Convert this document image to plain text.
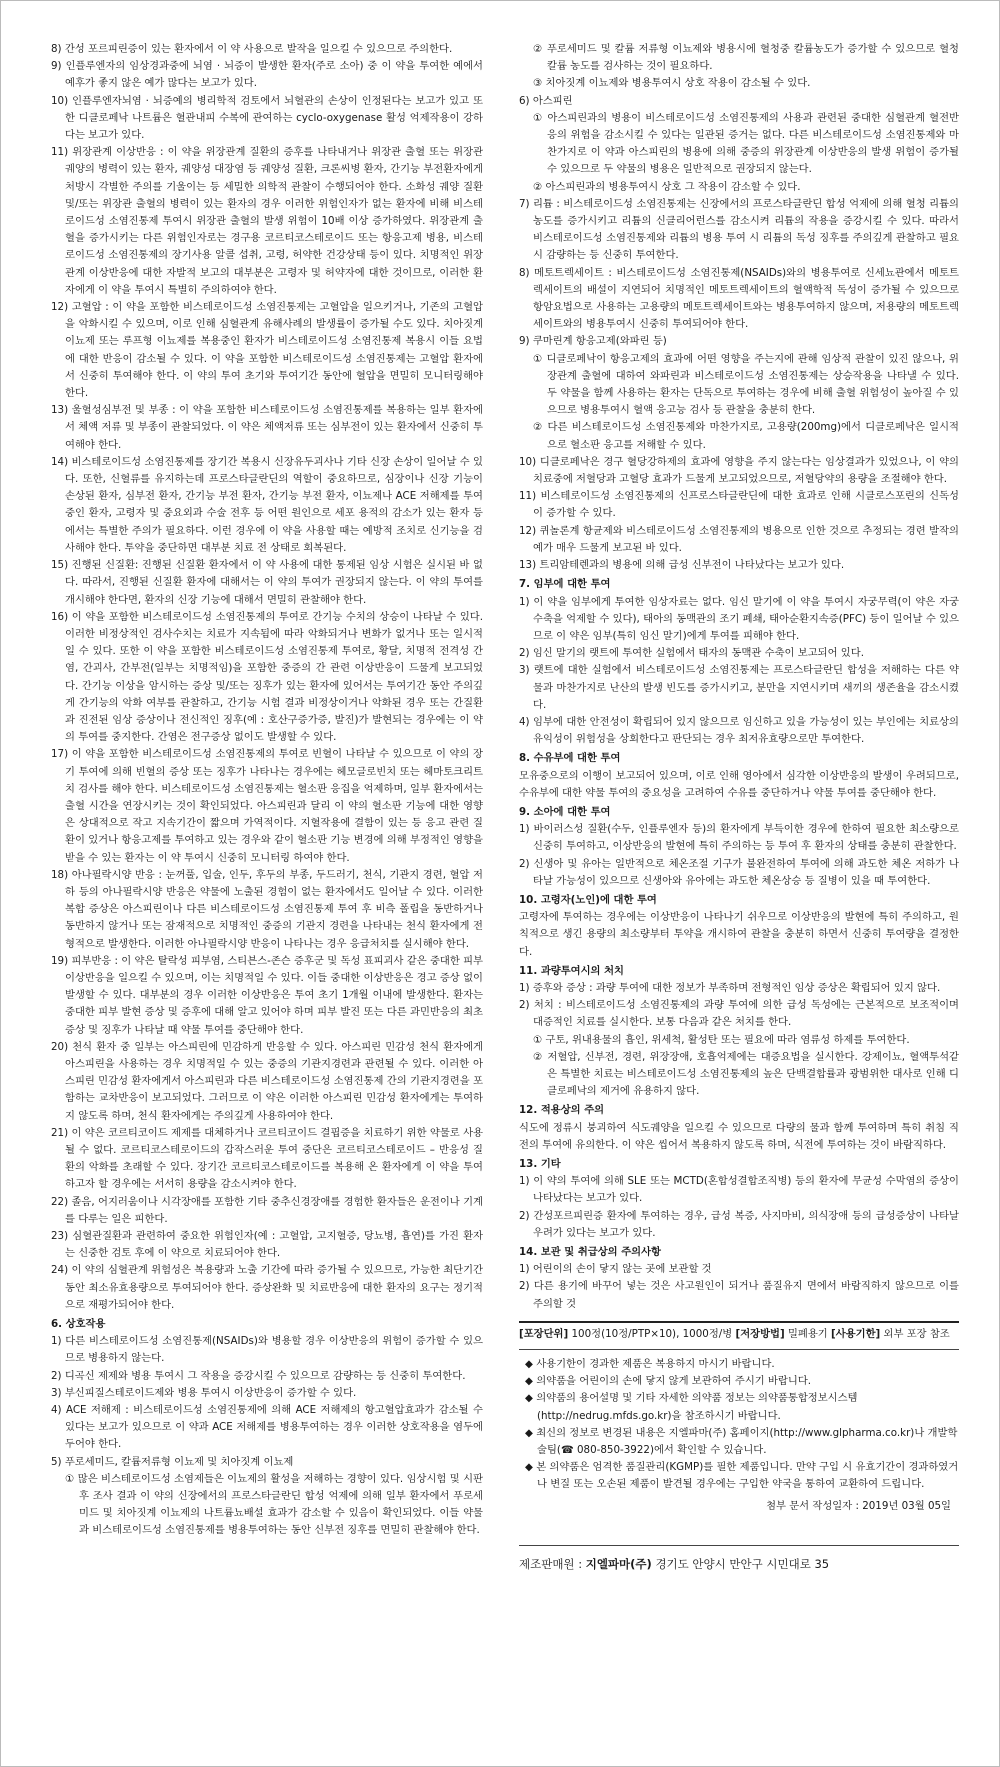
8) 간성 포르피린증이 있는 환자에서 이 약 사용으로 발작을 일으킬 수 있으므로 주의한다.

9) 인플루엔자의 임상경과중에 뇌염 · 뇌증이 발생한 환자(주로 소아) 중 이 약을 투여한 예에서 예후가 좋지 않은 예가 많다는 보고가 있다.

10) 인플루엔자뇌염 · 뇌증예의 병리학적 검토에서 뇌혈관의 손상이 인정된다는 보고가 있고 또한 디클로페낙 나트륨은 혈관내피 수복에 관여하는 cyclo-oxygenase 활성 억제작용이 강하다는 보고가 있다.

11) 위장관계 이상반응 : 이 약을 위장관계 질환의 증후를 나타내거나 위장관 출혈 또는 위장관 궤양의 병력이 있는 환자, 궤양성 대장염 등 궤양성 질환, 크론씨병 환자, 간기능 부전환자에게 처방시 각별한 주의를 기울이는 등 세밀한 의학적 관찰이 수행되어야 한다. 소화성 궤양 질환 및/또는 위장관 출혈의 병력이 있는 환자의 경우 이러한 위험인자가 없는 환자에 비해 비스테로이드성 소염진통제 투여시 위장관 출혈의 발생 위험이 10배 이상 증가하였다. 위장관계 출혈을 증가시키는 다른 위험인자로는 경구용 코르티코스테로이드 또는 항응고제 병용, 비스테로이드성 소염진통제의 장기사용 알콜 섭취, 고령, 허약한 건강상태 등이 있다. 치명적인 위장관계 이상반응에 대한 자발적 보고의 대부분은 고령자 및 허약자에 대한 것이므로, 이러한 환자에게 이 약을 투여시 특별히 주의하여야 한다.

12) 고혈압 : 이 약을 포함한 비스테로이드성 소염진통제는 고혈압을 일으키거나, 기존의 고혈압을 악화시킬 수 있으며, 이로 인해 심혈관계 유해사례의 발생률이 증가될 수도 있다. 치아짓계 이뇨제 또는 루프형 이뇨제를 복용중인 환자가 비스테로이드성 소염진통제 복용시 이들 요법에 대한 반응이 감소될 수 있다. 이 약을 포함한 비스테로이드성 소염진통제는 고혈압 환자에서 신중히 투여해야 한다. 이 약의 투여 초기와 투여기간 동안에 혈압을 면밀히 모니터링해야 한다.

13) 울혈성심부전 및 부종 : 이 약을 포함한 비스테로이드성 소염진통제를 복용하는 일부 환자에서 체액 저류 및 부종이 관찰되었다. 이 약은 체액저류 또는 심부전이 있는 환자에서 신중히 투여해야 한다.

14) 비스테로이드성 소염진통제를 장기간 복용시 신장유두괴사나 기타 신장 손상이 일어날 수 있다. 또한, 신혈류를 유지하는데 프로스타글란딘의 역할이 중요하므로, 심장이나 신장 기능이 손상된 환자, 심부전 환자, 간기능 부전 환자, 간기능 부전 환자, 이뇨제나 ACE 저해제를 투여 중인 환자, 고령자 및 중요외과 수술 전후 등 어떤 원인으로 세포 용적의 감소가 있는 환자 등에서는 특별한 주의가 필요하다. 이런 경우에 이 약을 사용할 때는 예방적 조치로 신기능을 검사해야 한다. 투약을 중단하면 대부분 치료 전 상태로 회복된다.

15) 진행된 신질환: 진행된 신질환 환자에서 이 약 사용에 대한 통제된 임상 시험은 실시된 바 없다. 따라서, 진행된 신질환 환자에 대해서는 이 약의 투여가 권장되지 않는다. 이 약의 투여를 개시해야 한다면, 환자의 신장 기능에 대해서 면밀히 관찰해야 한다.

16) 이 약을 포함한 비스테로이드성 소염진통제의 투여로 간기능 수치의 상승이 나타날 수 있다. 이러한 비정상적인 검사수치는 치료가 지속됨에 따라 악화되거나 변화가 없거나 또는 일시적일 수 있다. 또한 이 약을 포함한 비스테로이드성 소염진통제 투여로, 황달, 치명적 전격성 간염, 간괴사, 간부전(일부는 치명적임)을 포함한 중증의 간 관련 이상반응이 드물게 보고되었다. 간기능 이상을 암시하는 증상 및/또는 징후가 있는 환자에 있어서는 투여기간 동안 주의깊게 간기능의 악화 여부를 관찰하고, 간기능 시험 결과 비정상이거나 악화된 경우 또는 간질환과 진전된 임상 증상이나 전신적인 징후(예 : 호산구증가증, 발진)가 발현되는 경우에는 이 약의 투여를 중지한다. 간염은 전구증상 없이도 발생할 수 있다.

17) 이 약을 포함한 비스테로이드성 소염진통제의 투여로 빈혈이 나타날 수 있으므로 이 약의 장기 투여에 의해 빈혈의 증상 또는 징후가 나타나는 경우에는 헤모글로빈치 또는 헤마토크리트치 검사를 해야 한다. 비스테로이드성 소염진통제는 혈소판 응집을 억제하며, 일부 환자에서는 출혈 시간을 연장시키는 것이 확인되었다. 아스피린과 달리 이 약의 혈소판 기능에 대한 영향은 상대적으로 작고 지속기간이 짧으며 가역적이다. 지혈작용에 결함이 있는 등 응고 관련 질환이 있거나 항응고제를 투여하고 있는 경우와 같이 혈소판 기능 변경에 의해 부정적인 영향을 받을 수 있는 환자는 이 약 투여시 신중히 모니터링 하여야 한다.

18) 아나필락시양 반응 : 눈꺼풀, 입술, 인두, 후두의 부종, 두드러기, 천식, 기관지 경련, 혈압 저하 등의 아나필락시양 반응은 약물에 노출된 경험이 없는 환자에서도 일어날 수 있다. 이러한 복합 증상은 아스피린이나 다른 비스테로이드성 소염진통제 투여 후 비측 폴립을 동반하거나 동반하지 않거나 또는 잠재적으로 치명적인 중증의 기관지 경련을 나타내는 천식 환자에게 전형적으로 발생한다. 이러한 아나필락시양 반응이 나타나는 경우 응급처치를 실시해야 한다.

19) 피부반응 : 이 약은 탈락성 피부염, 스티븐스-존슨 증후군 및 독성 표피괴사 같은 중대한 피부 이상반응을 일으킬 수 있으며, 이는 치명적일 수 있다. 이들 중대한 이상반응은 경고 증상 없이 발생할 수 있다. 대부분의 경우 이러한 이상반응은 투여 초기 1개월 이내에 발생한다. 환자는 중대한 피부 발현 증상 및 증후에 대해 알고 있어야 하며 피부 발진 또는 다른 과민반응의 최초 증상 및 징후가 나타날 때 약물 투여를 중단해야 한다.

20) 천식 환자 중 일부는 아스피린에 민감하게 반응할 수 있다. 아스피린 민감성 천식 환자에게 아스피린을 사용하는 경우 치명적일 수 있는 중증의 기관지경련과 관련될 수 있다. 이러한 아스피린 민감성 환자에게서 아스피린과 다른 비스테로이드성 소염진통제 간의 기관지경련을 포함하는 교차반응이 보고되었다. 그러므로 이 약은 이러한 아스피린 민감성 환자에게는 투여하지 않도록 하며, 천식 환자에게는 주의깊게 사용하여야 한다.

21) 이 약은 코르티코이드 제제를 대체하거나 코르티코이드 결핍증을 치료하기 위한 약물로 사용될 수 없다. 코르티코스테로이드의 갑작스러운 투여 중단은 코르티코스테로이드 – 반응성 질환의 악화를 초래할 수 있다. 장기간 코르티코스테로이드를 복용해 온 환자에게 이 약을 투여하고자 할 경우에는 서서히 용량을 감소시켜야 한다.

22) 졸음, 어지러움이나 시각장애를 포함한 기타 중추신경장애를 경험한 환자들은 운전이나 기계를 다루는 일은 피한다.

23) 심혈관질환과 관련하여 중요한 위험인자(예 : 고혈압, 고지혈증, 당뇨병, 흡연)를 가진 환자는 신중한 검토 후에 이 약으로 치료되어야 한다.

24) 이 약의 심혈관계 위험성은 복용량과 노출 기간에 따라 증가될 수 있으므로, 가능한 최단기간동안 최소유효용량으로 투여되어야 한다. 증상완화 및 치료반응에 대한 환자의 요구는 정기적으로 재평가되어야 한다.

6. 상호작용

1) 다른 비스테로이드성 소염진통제(NSAIDs)와 병용할 경우 이상반응의 위험이 증가할 수 있으므로 병용하지 않는다.

2) 디곡신 제제와 병용 투여시 그 작용을 증강시킬 수 있으므로 감량하는 등 신중히 투여한다.

3) 부신피질스테로이드제와 병용 투여시 이상반응이 증가할 수 있다.

4) ACE 저해제 : 비스테로이드성 소염진통제에 의해 ACE 저해제의 항고혈압효과가 감소될 수 있다는 보고가 있으므로 이 약과 ACE 저해제를 병용투여하는 경우 이러한 상호작용을 염두에 두어야 한다.

5) 푸로세미드, 칼륨저류형 이뇨제 및 치아짓계 이뇨제

① 많은 비스테로이드성 소염제들은 이뇨제의 활성을 저해하는 경향이 있다. 임상시험 및 시판후 조사 결과 이 약의 신장에서의 프로스타글란딘 합성 억제에 의해 일부 환자에서 푸로세미드 및 치아짓계 이뇨제의 나트륨뇨배설 효과가 감소할 수 있음이 확인되었다. 이들 약물과 비스테로이드성 소염진통제를 병용투여하는 동안 신부전 징후를 면밀히 관찰해야 한다.

② 푸로세미드 및 칼륨 저류형 이뇨제와 병용시에 혈청중 칼륨농도가 증가할 수 있으므로 혈청 칼륨 농도를 검사하는 것이 필요하다.

③ 치아짓계 이뇨제와 병용투여시 상호 작용이 감소될 수 있다.

6) 아스피린

① 아스피린과의 병용이 비스테로이드성 소염진통제의 사용과 관련된 중대한 심혈관계 혈전반응의 위험을 감소시킬 수 있다는 일관된 증거는 없다. 다른 비스테로이드성 소염진통제와 마찬가지로 이 약과 아스피린의 병용에 의해 중증의 위장관계 이상반응의 발생 위험이 증가될 수 있으므로 두 약물의 병용은 일반적으로 권장되지 않는다.

② 아스피린과의 병용투여시 상호 그 작용이 감소할 수 있다.

7) 리튬 : 비스테로이드성 소염진통제는 신장에서의 프로스타글란딘 합성 억제에 의해 혈청 리튬의 농도를 증가시키고 리튬의 신클리어런스를 감소시켜 리튬의 작용을 증강시킬 수 있다. 따라서 비스테로이드성 소염진통제와 리튬의 병용 투여 시 리튬의 독성 징후를 주의깊게 관찰하고 필요시 감량하는 등 신중히 투여한다.

8) 메토트렉세이트 : 비스테로이드성 소염진통제(NSAIDs)와의 병용투여로 신세뇨관에서 메토트렉세이트의 배설이 지연되어 치명적인 메토트렉세이트의 혈액학적 독성이 증가될 수 있으므로 항암요법으로 사용하는 고용량의 메토트렉세이트와는 병용투여하지 않으며, 저용량의 메토트렉세이트와의 병용투여시 신중히 투여되어야 한다.

9) 쿠마린계 항응고제(와파린 등)

① 디클로페낙이 항응고제의 효과에 어떤 영향을 주는지에 관해 임상적 관찰이 있진 않으나, 위장관계 출혈에 대하여 와파린과 비스테로이드성 소염진통제는 상승작용을 나타낼 수 있다. 두 약물을 함께 사용하는 환자는 단독으로 투여하는 경우에 비해 출혈 위험성이 높아질 수 있으므로 병용투여시 혈액 응고능 검사 등 관찰을 충분히 한다.

② 다른 비스테로이드성 소염진통제와 마찬가지로, 고용량(200mg)에서 디클로페낙은 일시적으로 혈소판 응고를 저해할 수 있다.

10) 디클로페낙은 경구 혈당강하제의 효과에 영향을 주지 않는다는 임상결과가 있었으나, 이 약의 치료중에 저혈당과 고혈당 효과가 드물게 보고되었으므로, 저혈당약의 용량을 조절해야 한다.

11) 비스테로이드성 소염진통제의 신프로스타글란딘에 대한 효과로 인해 시클로스포린의 신독성이 증가할 수 있다.

12) 퀴놀론계 항균제와 비스테로이드성 소염진통제의 병용으로 인한 것으로 추정되는 경련 발작의 예가 매우 드물게 보고된 바 있다.

13) 트리암테렌과의 병용에 의해 급성 신부전이 나타났다는 보고가 있다.

7. 임부에 대한 투여

1) 이 약을 임부에게 투여한 임상자료는 없다. 임신 말기에 이 약을 투여시 자궁무력(이 약은 자궁수축을 억제할 수 있다), 태아의 동맥관의 조기 폐쇄, 태아순환지속증(PFC) 등이 일어날 수 있으므로 이 약은 임부(특히 임신 말기)에게 투여를 피해야 한다.

2) 임신 말기의 랫트에 투여한 실험에서 태자의 동맥관 수축이 보고되어 있다.

3) 랫트에 대한 실험에서 비스테로이드성 소염진통제는 프로스타글란딘 합성을 저해하는 다른 약물과 마찬가지로 난산의 발생 빈도를 증가시키고, 분만을 지연시키며 새끼의 생존율을 감소시켰다.

4) 임부에 대한 안전성이 확립되어 있지 않으므로 임신하고 있을 가능성이 있는 부인에는 치료상의 유익성이 위험성을 상회한다고 판단되는 경우 최저유효량으로만 투여한다.

8. 수유부에 대한 투여

모유중으로의 이행이 보고되어 있으며, 이로 인해 영아에서 심각한 이상반응의 발생이 우려되므로, 수유부에 대한 약물 투여의 중요성을 고려하여 수유를 중단하거나 약물 투여를 중단해야 한다.

9. 소아에 대한 투여

1) 바이러스성 질환(수두, 인플루엔자 등)의 환자에게 부득이한 경우에 한하여 필요한 최소량으로 신중히 투여하고, 이상반응의 발현에 특히 주의하는 등 투여 후 환자의 상태를 충분히 관찰한다.

2) 신생아 및 유아는 일반적으로 체온조절 기구가 불완전하여 투여에 의해 과도한 체온 저하가 나타날 가능성이 있으므로 신생아와 유아에는 과도한 체온상승 등 질병이 있을 때 투여한다.

10. 고령자(노인)에 대한 투여

고령자에 투여하는 경우에는 이상반응이 나타나기 쉬우므로 이상반응의 발현에 특히 주의하고, 원칙적으로 생긴 용량의 최소량부터 투약을 개시하여 관찰을 충분히 하면서 신중히 투여량을 결정한다.

11. 과량투여시의 처치

1) 증후와 증상 : 과량 투여에 대한 정보가 부족하며 전형적인 임상 증상은 확립되어 있지 않다.

2) 처치 : 비스테로이드성 소염진통제의 과량 투여에 의한 급성 독성에는 근본적으로 보조적이며 대증적인 치료를 실시한다. 보통 다음과 같은 처치를 한다.

① 구토, 위내용물의 흡인, 위세척, 활성탄 또는 필요에 따라 염류성 하제를 투여한다.

② 저혈압, 신부전, 경련, 위장장애, 호흡억제에는 대증요법을 실시한다. 강제이뇨, 혈액투석같은 특별한 치료는 비스테로이드성 소염진통제의 높은 단백결합률과 광범위한 대사로 인해 디클로페낙의 제거에 유용하지 않다.

12. 적용상의 주의

식도에 정류시 붕괴하여 식도궤양을 일으킬 수 있으므로 다량의 물과 함께 투여하며 특히 취침 직전의 투여에 유의한다. 이 약은 씹어서 복용하지 않도록 하며, 식전에 투여하는 것이 바람직하다.

13. 기타

1) 이 약의 투여에 의해 SLE 또는 MCTD(혼합성결합조직병) 등의 환자에 무균성 수막염의 증상이 나타났다는 보고가 있다.

2) 간성포르피린증 환자에 투여하는 경우, 급성 복증, 사지마비, 의식장애 등의 급성증상이 나타날 우려가 있다는 보고가 있다.

14. 보관 및 취급상의 주의사항

1) 어린이의 손이 닿지 않는 곳에 보관할 것

2) 다른 용기에 바꾸어 넣는 것은 사고원인이 되거나 품질유지 면에서 바람직하지 않으므로 이를 주의할 것

[포장단위] 100정(10정/PTP×10), 1000정/병 [저장방법] 밀폐용기 [사용기한] 외부 포장 참조

◆ 사용기한이 경과한 제품은 복용하지 마시기 바랍니다.

◆ 의약품을 어린이의 손에 닿지 않게 보관하여 주시기 바랍니다.

◆ 의약품의 용어설명 및 기타 자세한 의약품 정보는 의약품통합정보시스템(http://nedrug.mfds.go.kr)을 참조하시기 바랍니다.

◆ 최신의 정보로 변경된 내용은 지엘파마(주) 홈페이지(http://www.glpharma.co.kr)나 개발학술팀(☎ 080-850-3922)에서 확인할 수 있습니다.

◆ 본 의약품은 엄격한 품질관리(KGMP)를 필한 제품입니다. 만약 구입 시 유효기간이 경과하였거나 변질 또는 오손된 제품이 발견될 경우에는 구입한 약국을 통하여 교환하여 드립니다.

첨부 문서 작성일자 : 2019년 03월 05일

제조판매원 : 지엘파마(주) 경기도 안양시 만안구 시민대로 35
